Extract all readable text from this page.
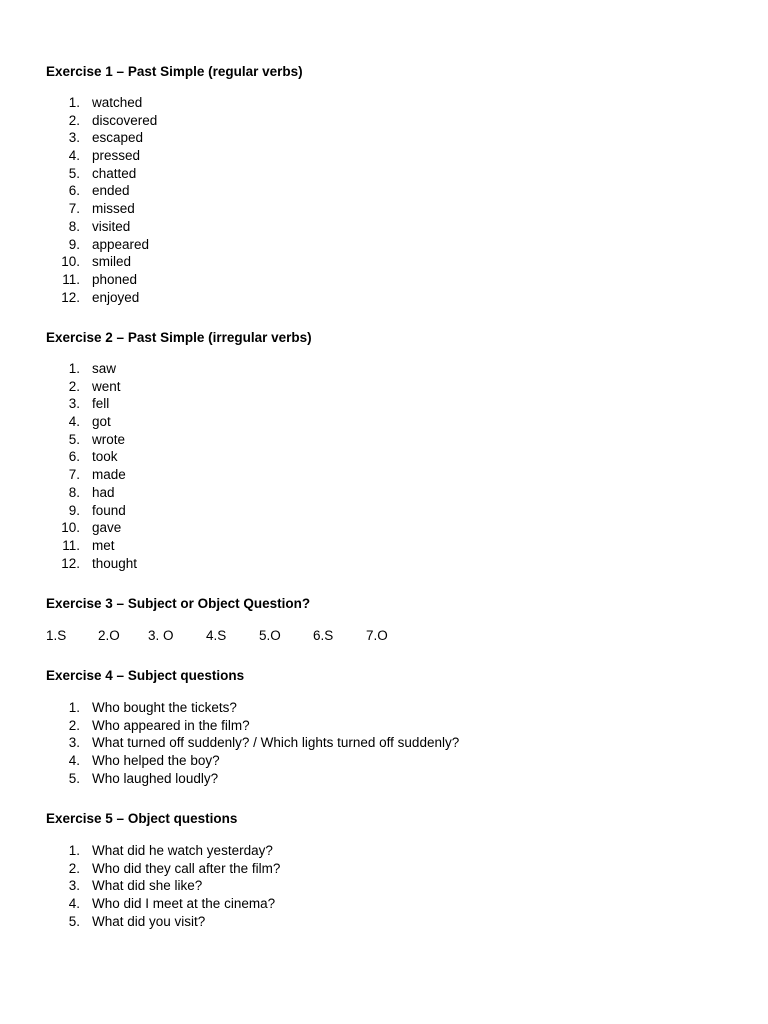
Exercise 1 – Past Simple (regular verbs)
1. watched
2. discovered
3. escaped
4. pressed
5. chatted
6. ended
7. missed
8. visited
9. appeared
10. smiled
11. phoned
12. enjoyed
Exercise 2 – Past Simple (irregular verbs)
1. saw
2. went
3. fell
4. got
5. wrote
6. took
7. made
8. had
9. found
10. gave
11. met
12. thought
Exercise 3 – Subject or Object Question?
1.S 2.O 3. O 4.S 5.O 6.S 7.O
Exercise 4 – Subject questions
1. Who bought the tickets?
2. Who appeared in the film?
3. What turned off suddenly? / Which lights turned off suddenly?
4. Who helped the boy?
5. Who laughed loudly?
Exercise 5 – Object questions
1. What did he watch yesterday?
2. Who did they call after the film?
3. What did she like?
4. Who did I meet at the cinema?
5. What did you visit?
